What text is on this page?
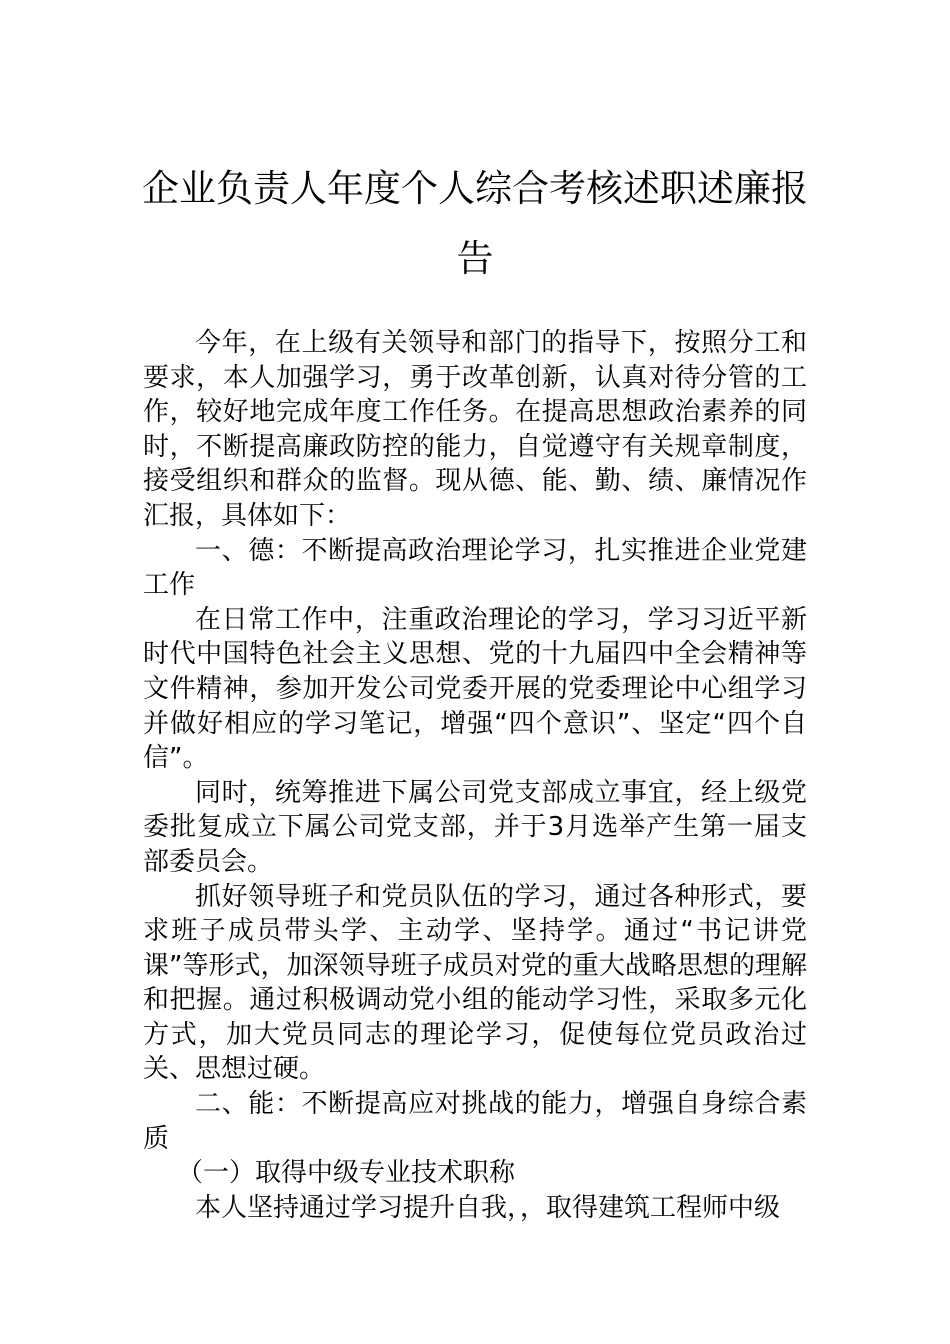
企业负责人年度个人综合考核述职述廉报
告

今年，在上级有关领导和部门的指导下，按照分工和要求，本人加强学习，勇于改革创新，认真对待分管的工作，较好地完成年度工作任务。在提高思想政治素养的同时，不断提高廉政防控的能力，自觉遵守有关规章制度，接受组织和群众的监督。现从德、能、勤、绩、廉情况作汇报，具体如下：

一、德：不断提高政治理论学习，扎实推进企业党建工作

在日常工作中，注重政治理论的学习，学习习近平新时代中国特色社会主义思想、党的十九届四中全会精神等文件精神，参加开发公司党委开展的党委理论中心组学习并做好相应的学习笔记，增强“四个意识”、坚定“四个自信”。

同时，统筹推进下属公司党支部成立事宜，经上级党委批复成立下属公司党支部，并于3月选举产生第一届支部委员会。

抓好领导班子和党员队伍的学习，通过各种形式，要求班子成员带头学、主动学、坚持学。通过“书记讲党课”等形式，加深领导班子成员对党的重大战略思想的理解和把握。通过积极调动党小组的能动学习性，采取多元化方式，加大党员同志的理论学习，促使每位党员政治过关、思想过硬。

二、能：不断提高应对挑战的能力，增强自身综合素质

（一）取得中级专业技术职称

本人坚持通过学习提升自我，，取得建筑工程师中级
